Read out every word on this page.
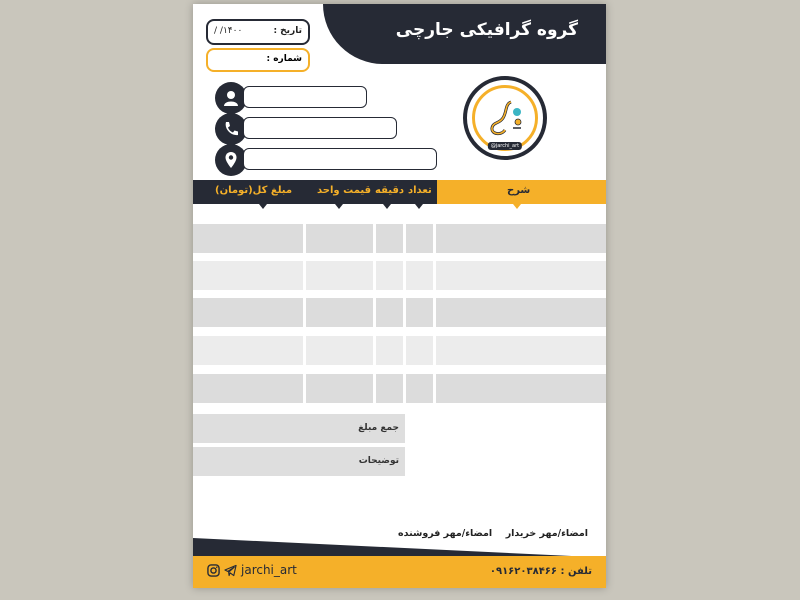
گروه گرافیکی جارچی
تاریخ :
۱۴۰۰/ /
شماره :
@jarchi_art
شرح
تعداد
دقیقه
قیمت واحد
مبلغ کل(تومان)
جمع مبلغ
توضیحات
امضاء/مهر خریدار
امضاء/مهر فروشنده
تلفن : ۰۹۱۶۲۰۳۸۴۶۶
jarchi_art
